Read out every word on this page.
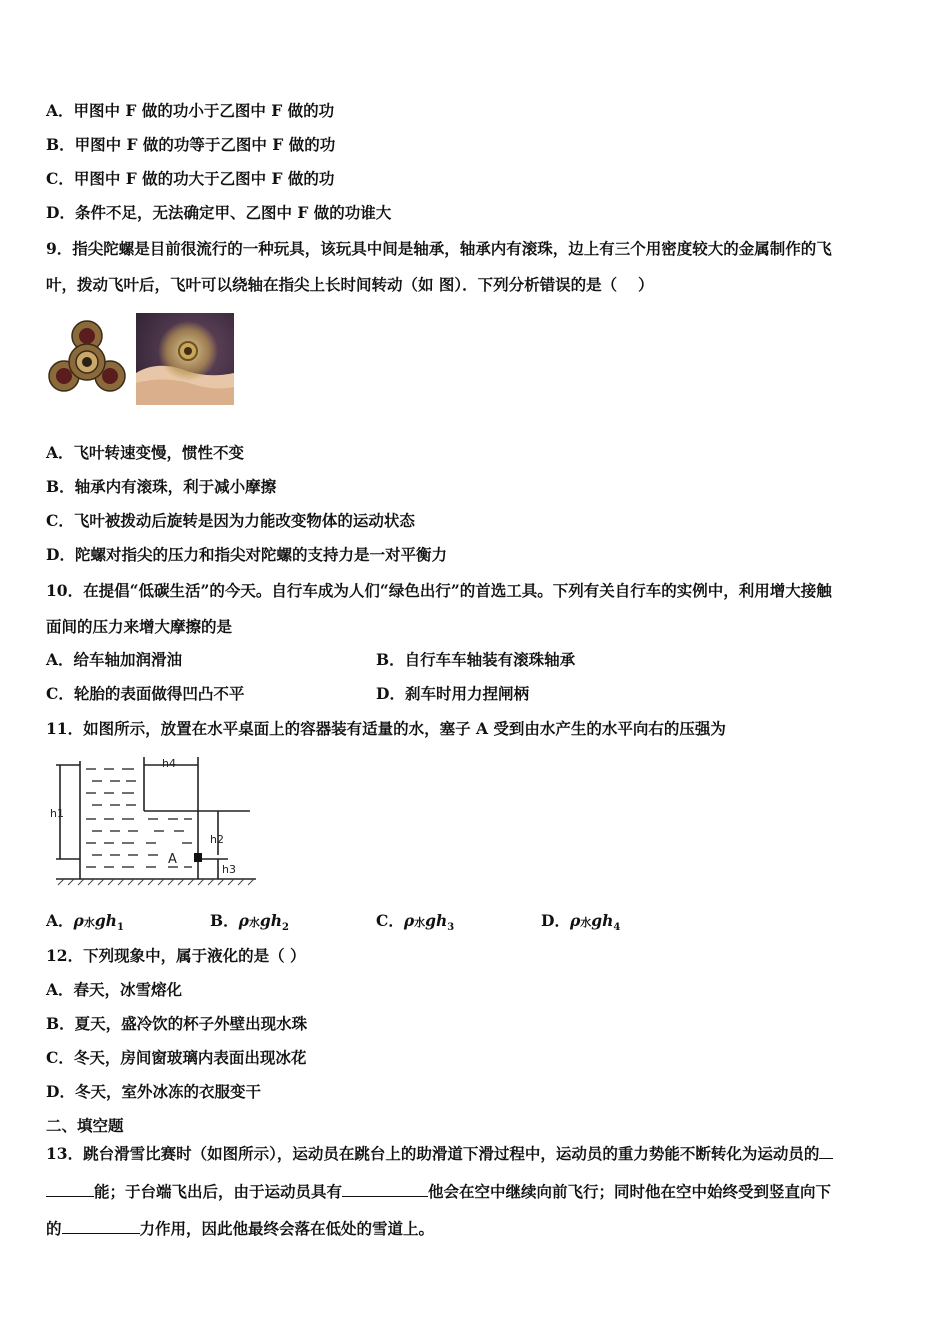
A．甲图中 F 做的功小于乙图中 F 做的功
B．甲图中 F 做的功等于乙图中 F 做的功
C．甲图中 F 做的功大于乙图中 F 做的功
D．条件不足，无法确定甲、乙图中 F 做的功谁大
9．指尖陀螺是目前很流行的一种玩具，该玩具中间是轴承，轴承内有滚珠，边上有三个用密度较大的金属制作的飞
叶，拨动飞叶后，飞叶可以绕轴在指尖上长时间转动（如 图）．下列分析错误的是（　 ）
A．飞叶转速变慢，惯性不变
B．轴承内有滚珠，利于减小摩擦
C．飞叶被拨动后旋转是因为力能改变物体的运动状态
D．陀螺对指尖的压力和指尖对陀螺的支持力是一对平衡力
10．在提倡“低碳生活”的今天。自行车成为人们“绿色出行”的首选工具。下列有关自行车的实例中，利用增大接触
面间的压力来增大摩擦的是
A．给车轴加润滑油	B．自行车车轴装有滚珠轴承
C．轮胎的表面做得凹凸不平	D．刹车时用力捏闸柄
11．如图所示，放置在水平桌面上的容器装有适量的水，塞子 A 受到由水产生的水平向右的压强为
A
h1
h4
h2
h3
A．ρ水$gh_1$	B．ρ水$gh_2$	C．ρ水$gh_3$	D．ρ水$gh_4$
12．下列现象中，属于液化的是（ ）
A．春天，冰雪熔化
B．夏天，盛冷饮的杯子外壁出现水珠
C．冬天，房间窗玻璃内表面出现冰花
D．冬天，室外冰冻的衣服变干
二、填空题
13．跳台滑雪比赛时（如图所示），运动员在跳台上的助滑道下滑过程中，运动员的重力势能不断转化为运动员的
能；于台端飞出后，由于运动员具有	他会在空中继续向前飞行；同时他在空中始终受到竖直向下
的	力作用，因此他最终会落在低处的雪道上。
